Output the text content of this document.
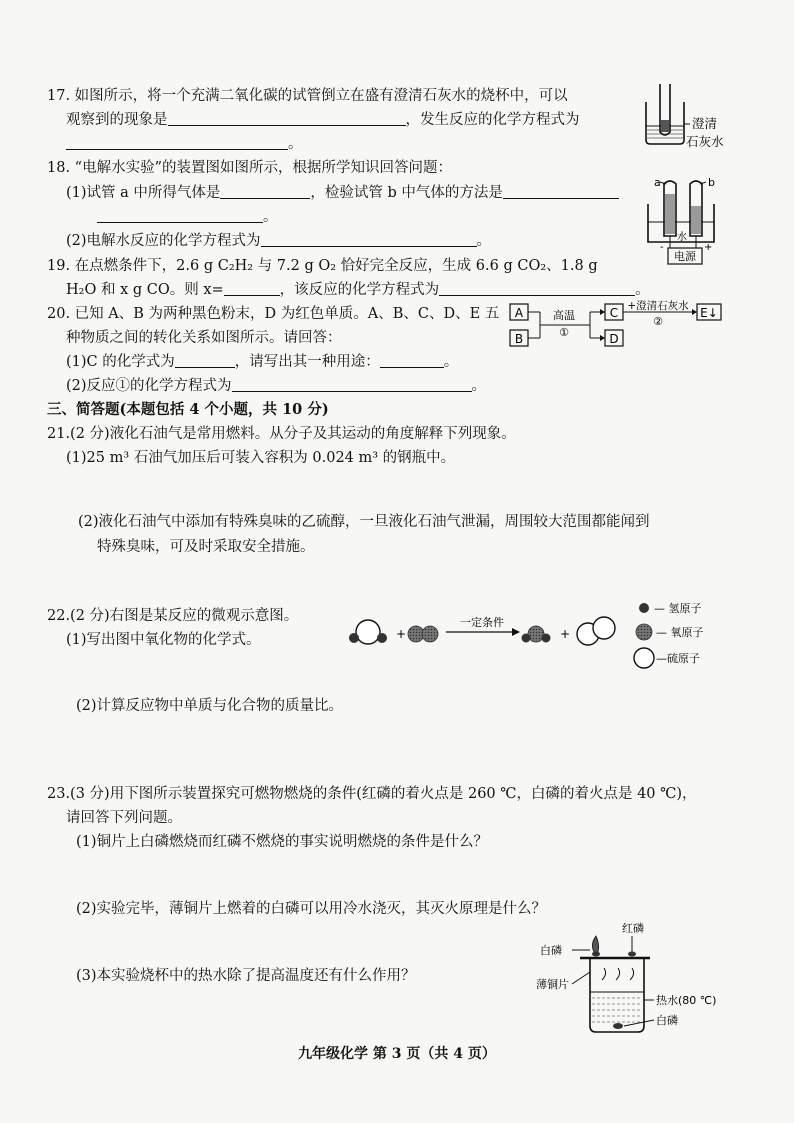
17. 如图所示，将一个充满二氧化碳的试管倒立在盛有澄清石灰水的烧杯中，可以
观察到的现象是	，发生反应的化学方程式为
。
澄清
石灰水
18. “电解水实验”的装置图如图所示，根据所学知识回答问题：
(1)试管 a 中所得气体是	，检验试管 b 中气体的方法是
。
(2)电解水反应的化学方程式为	。
a	b
水
电源
-	+
19. 在点燃条件下，2.6 g C₂H₂ 与 7.2 g O₂ 恰好完全反应，生成 6.6 g CO₂、1.8 g
H₂O 和 x g CO。则 x=	，该反应的化学方程式为	。
20. 已知 A、B 为两种黑色粉末，D 为红色单质。A、B、C、D、E 五
种物质之间的转化关系如图所示。请回答：
(1)C 的化学式为	，请写出其一种用途：	。
(2)反应①的化学方程式为	。
A
B
高温
①
C
D
+澄清石灰水
②
E↓
三、简答题(本题包括 4 个小题，共 10 分)
21.(2 分)液化石油气是常用燃料。从分子及其运动的角度解释下列现象。
(1)25 m³ 石油气加压后可装入容积为 0.024 m³ 的钢瓶中。
(2)液化石油气中添加有特殊臭味的乙硫醇，一旦液化石油气泄漏，周围较大范围都能闻到
特殊臭味，可及时采取安全措施。
22.(2 分)右图是某反应的微观示意图。
(1)写出图中氧化物的化学式。
(2)计算反应物中单质与化合物的质量比。
+
一定条件
+
— 氢原子
— 氧原子
—硫原子
23.(3 分)用下图所示装置探究可燃物燃烧的条件(红磷的着火点是 260 ℃，白磷的着火点是 40 ℃)，
请回答下列问题。
(1)铜片上白磷燃烧而红磷不燃烧的事实说明燃烧的条件是什么？
(2)实验完毕，薄铜片上燃着的白磷可以用冷水浇灭，其灭火原理是什么？
(3)本实验烧杯中的热水除了提高温度还有什么作用？
红磷
白磷
薄铜片
热水(80 ℃)
白磷
九年级化学 第 3 页（共 4 页）
